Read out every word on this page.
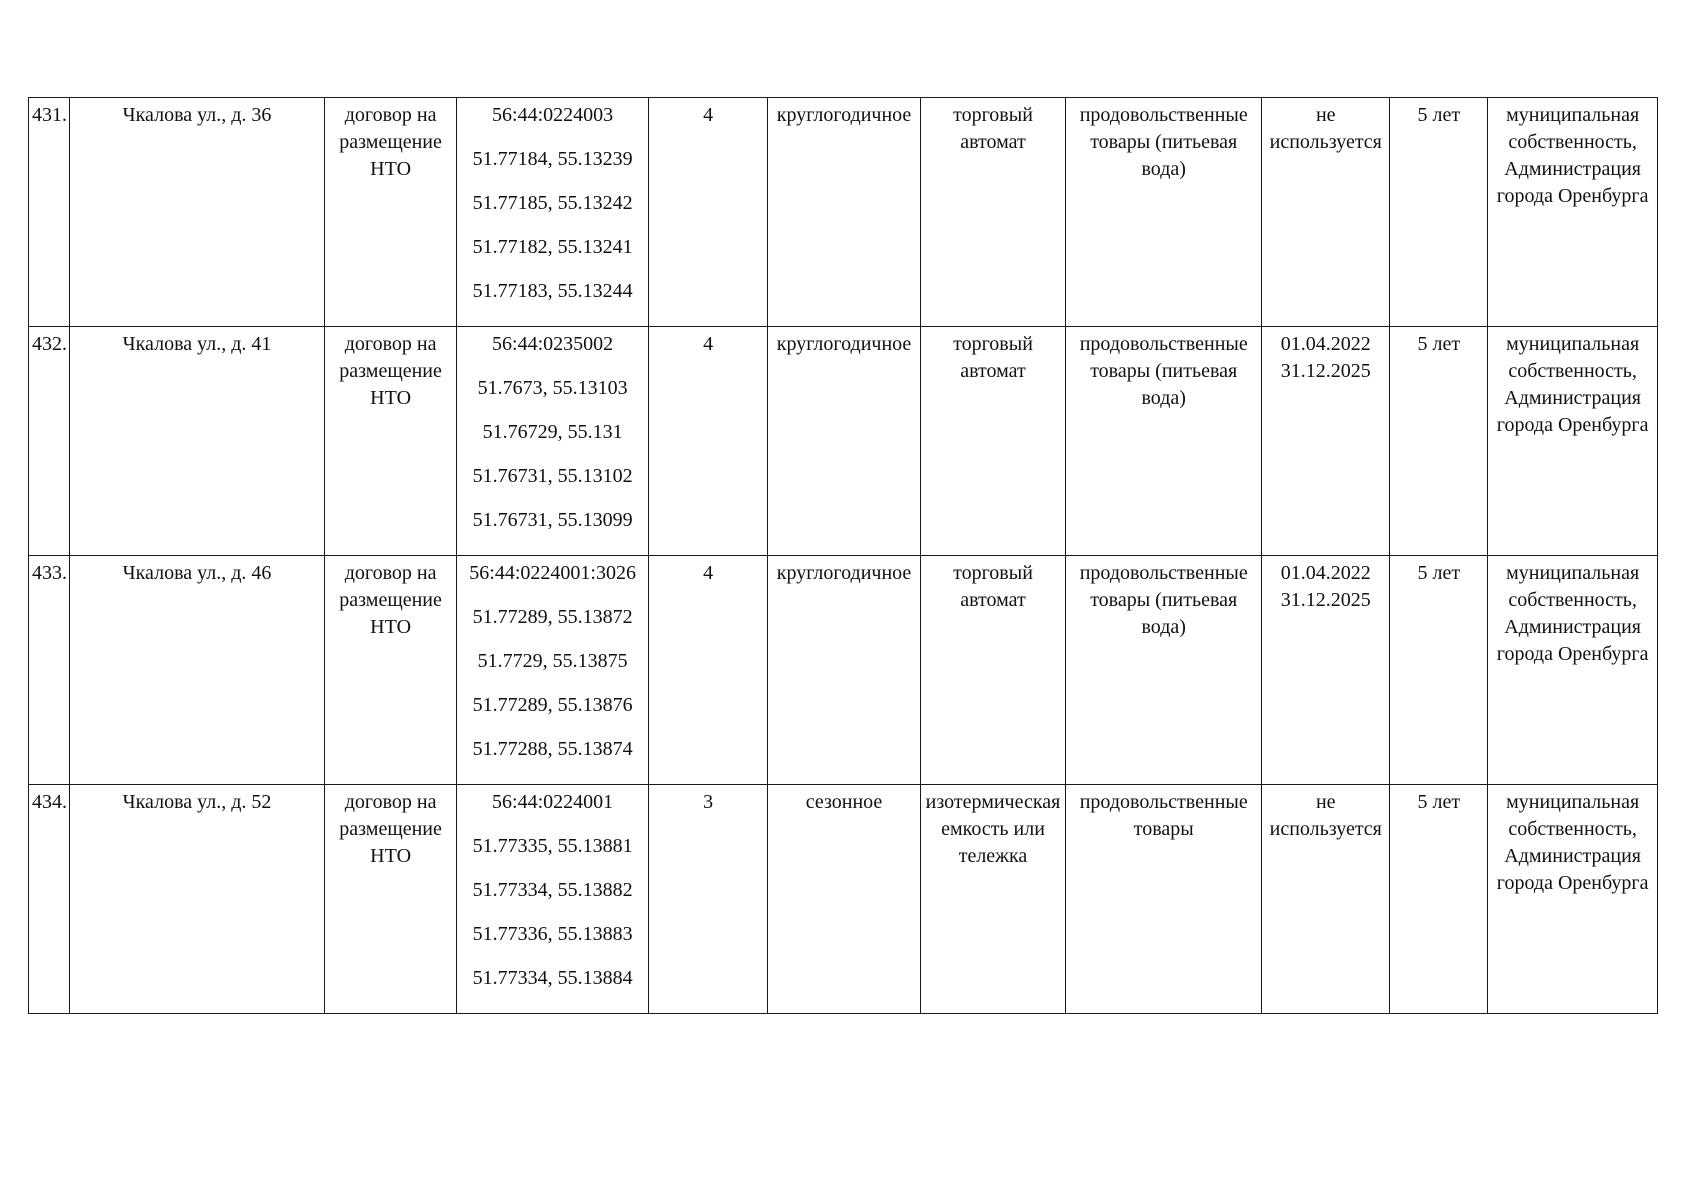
431.	Чкалова ул., д. 36	договор на размещение НТО	56:44:0224003
51.77184, 55.13239
51.77185, 55.13242
51.77182, 55.13241
51.77183, 55.13244	4	круглогодичное	торговый автомат	продовольственные товары (питьевая вода)	не используется	5 лет	муниципальная собственность, Администрация города Оренбурга
432.	Чкалова ул., д. 41	договор на размещение НТО	56:44:0235002
51.7673, 55.13103
51.76729, 55.131
51.76731, 55.13102
51.76731, 55.13099	4	круглогодичное	торговый автомат	продовольственные товары (питьевая вода)	01.04.2022 31.12.2025	5 лет	муниципальная собственность, Администрация города Оренбурга
433.	Чкалова ул., д. 46	договор на размещение НТО	56:44:0224001:3026
51.77289, 55.13872
51.7729, 55.13875
51.77289, 55.13876
51.77288, 55.13874	4	круглогодичное	торговый автомат	продовольственные товары (питьевая вода)	01.04.2022 31.12.2025	5 лет	муниципальная собственность, Администрация города Оренбурга
434.	Чкалова ул., д. 52	договор на размещение НТО	56:44:0224001
51.77335, 55.13881
51.77334, 55.13882
51.77336, 55.13883
51.77334, 55.13884	3	сезонное	изотермическая емкость или тележка	продовольственные товары	не используется	5 лет	муниципальная собственность, Администрация города Оренбурга
